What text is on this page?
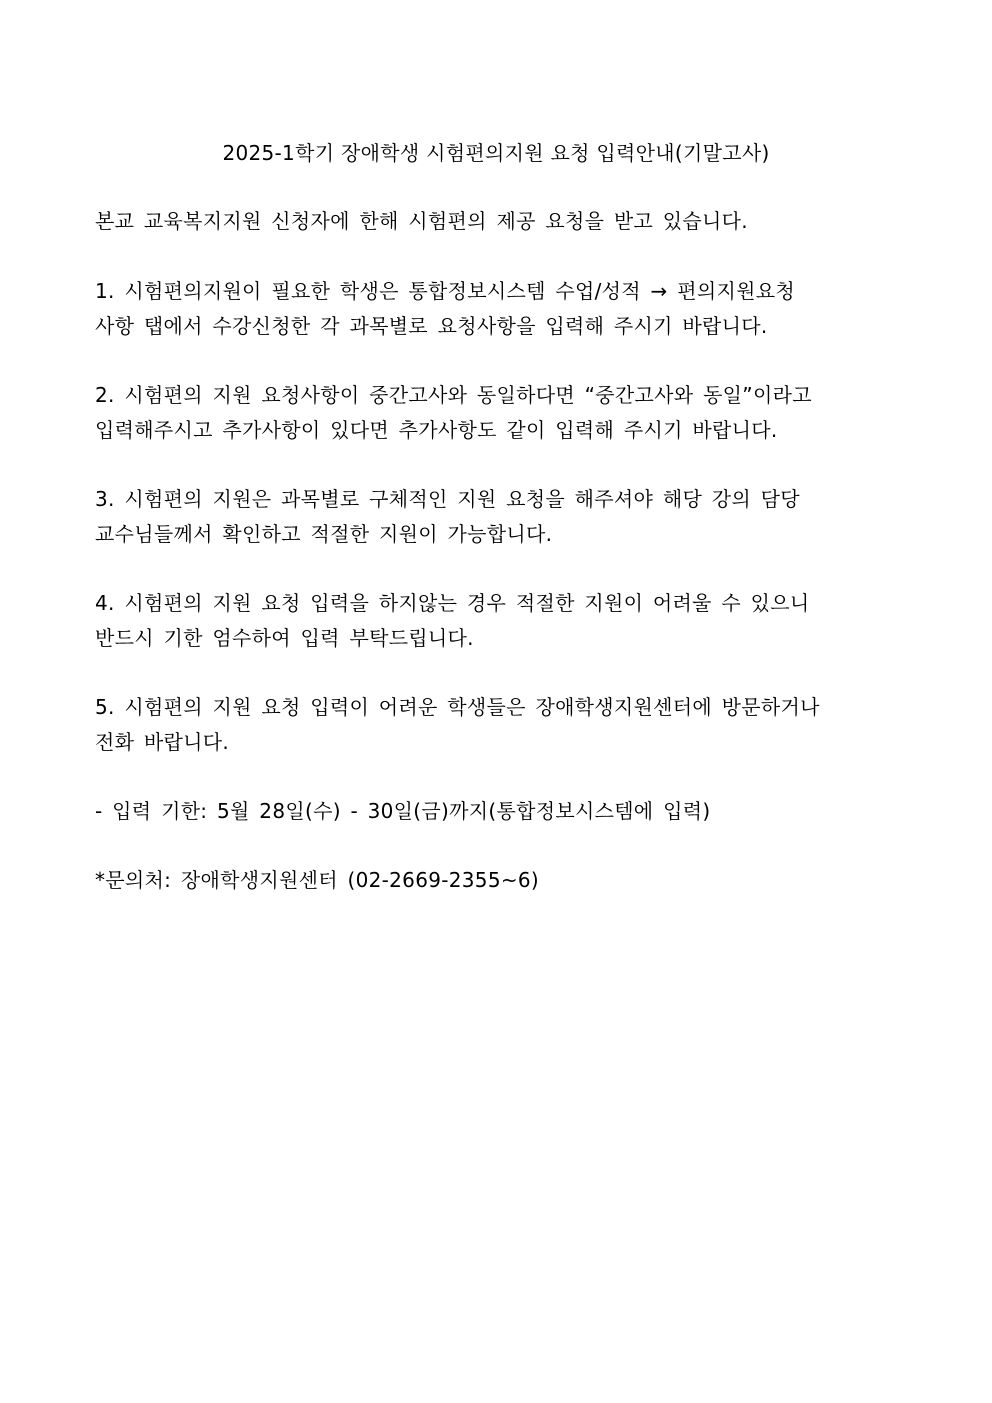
2025-1학기 장애학생 시험편의지원 요청 입력안내(기말고사)
본교 교육복지지원 신청자에 한해 시험편의 제공 요청을 받고 있습니다.
1. 시험편의지원이 필요한 학생은 통합정보시스템 수업/성적 → 편의지원요청
사항 탭에서 수강신청한 각 과목별로 요청사항을 입력해 주시기 바랍니다.
2. 시험편의 지원 요청사항이 중간고사와 동일하다면 “중간고사와 동일”이라고
입력해주시고 추가사항이 있다면 추가사항도 같이 입력해 주시기 바랍니다.
3. 시험편의 지원은 과목별로 구체적인 지원 요청을 해주셔야 해당 강의 담당
교수님들께서 확인하고 적절한 지원이 가능합니다.
4. 시험편의 지원 요청 입력을 하지않는 경우 적절한 지원이 어려울 수 있으니
반드시 기한 엄수하여 입력 부탁드립니다.
5. 시험편의 지원 요청 입력이 어려운 학생들은 장애학생지원센터에 방문하거나
전화 바랍니다.
- 입력 기한: 5월 28일(수) - 30일(금)까지(통합정보시스템에 입력)
*문의처: 장애학생지원센터 (02-2669-2355~6)
